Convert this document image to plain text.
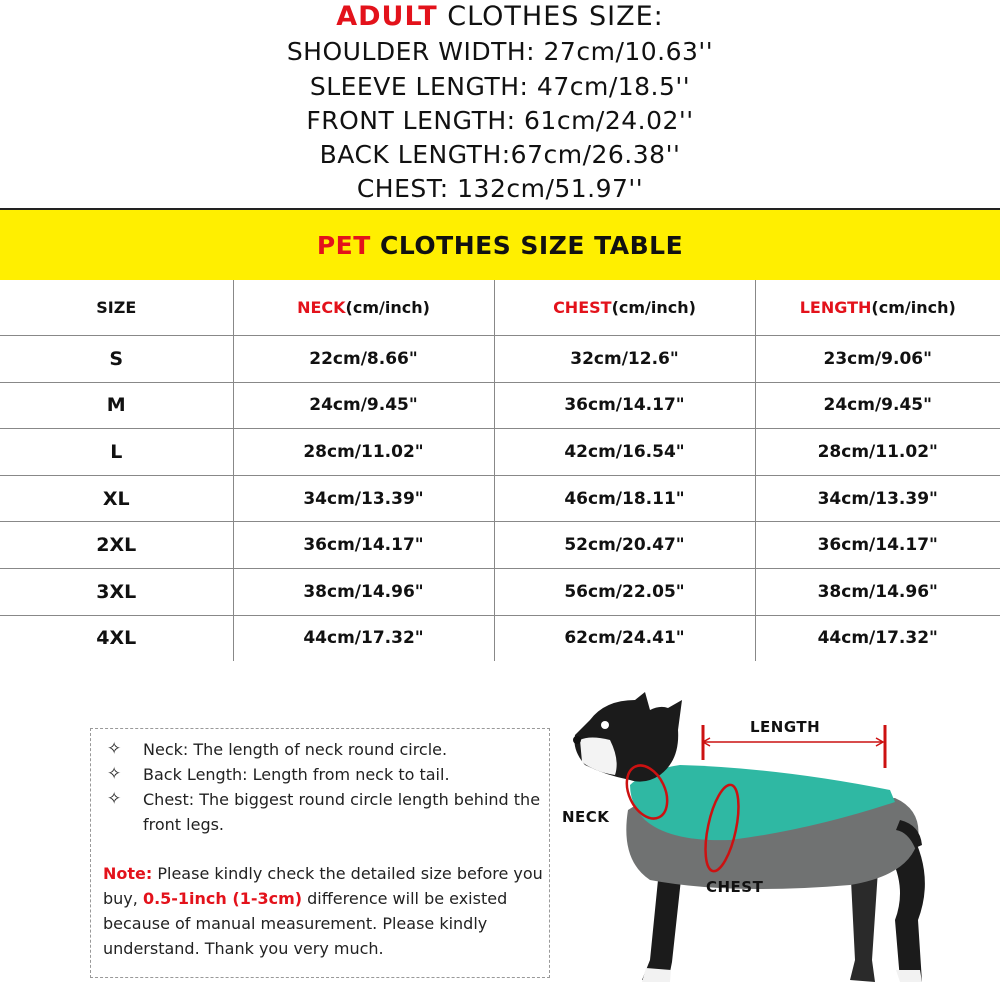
ADULT CLOTHES SIZE:
SHOULDER WIDTH: 27cm/10.63''
SLEEVE LENGTH: 47cm/18.5''
FRONT LENGTH: 61cm/24.02''
BACK LENGTH:67cm/26.38''
CHEST: 132cm/51.97''
PET CLOTHES SIZE TABLE
SIZE	NECK(cm/inch)	CHEST(cm/inch)	LENGTH(cm/inch)
S	22cm/8.66"	32cm/12.6"	23cm/9.06"
M	24cm/9.45"	36cm/14.17"	24cm/9.45"
L	28cm/11.02"	42cm/16.54"	28cm/11.02"
XL	34cm/13.39"	46cm/18.11"	34cm/13.39"
2XL	36cm/14.17"	52cm/20.47"	36cm/14.17"
3XL	38cm/14.96"	56cm/22.05"	38cm/14.96"
4XL	44cm/17.32"	62cm/24.41"	44cm/17.32"
✧ Neck: The length of neck round circle.
✧ Back Length: Length from neck to tail.
✧ Chest: The biggest round circle length behind the front legs.
Note: Please kindly check the detailed size before you buy, 0.5-1inch (1-3cm) difference will be existed because of manual measurement. Please kindly understand. Thank you very much.
LENGTH
NECK
CHEST
